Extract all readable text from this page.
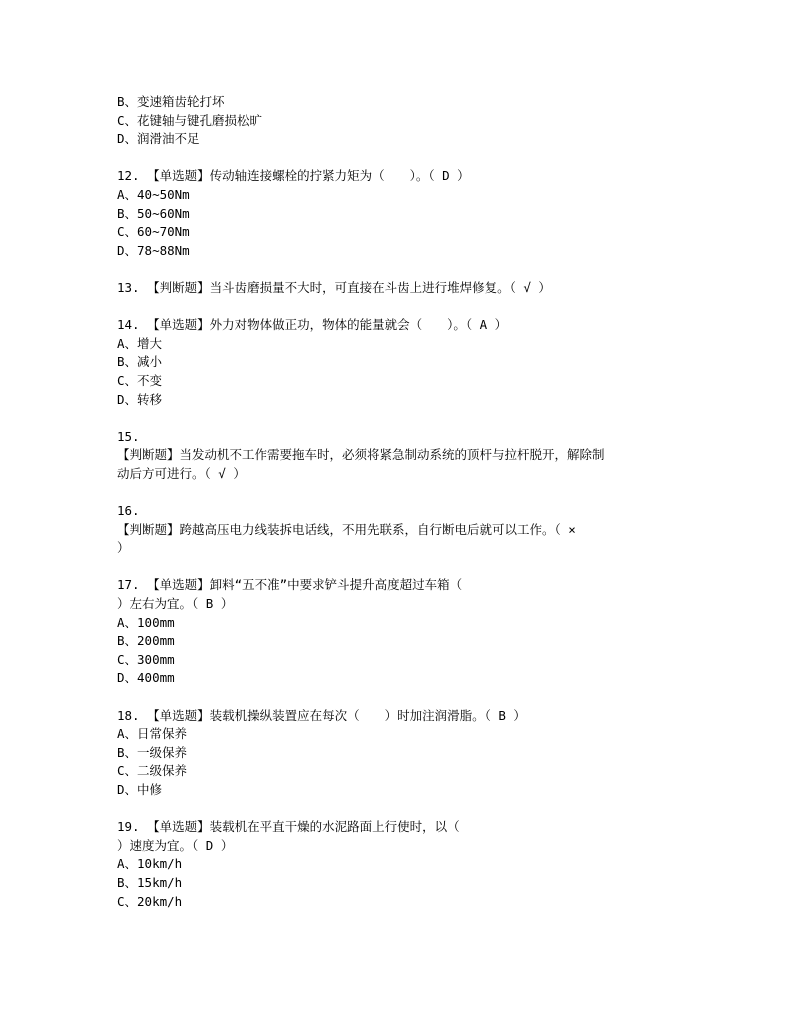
B、变速箱齿轮打坏
C、花键轴与键孔磨损松旷
D、润滑油不足
12. 【单选题】传动轴连接螺栓的拧紧力矩为（　　）。（ D ）
A、40~50Nm
B、50~60Nm
C、60~70Nm
D、78~88Nm
13. 【判断题】当斗齿磨损量不大时，可直接在斗齿上进行堆焊修复。（ √ ）
14. 【单选题】外力对物体做正功，物体的能量就会（　　）。（ A ）
A、增大
B、减小
C、不变
D、转移
15.
【判断题】当发动机不工作需要拖车时，必须将紧急制动系统的顶杆与拉杆脱开，解除制
动后方可进行。（ √ ）
16.
【判断题】跨越高压电力线装拆电话线，不用先联系，自行断电后就可以工作。（ ×
）
17. 【单选题】卸料“五不准”中要求铲斗提升高度超过车箱（
）左右为宜。（ B ）
A、100mm
B、200mm
C、300mm
D、400mm
18. 【单选题】装载机操纵装置应在每次（　　）时加注润滑脂。（ B ）
A、日常保养
B、一级保养
C、二级保养
D、中修
19. 【单选题】装载机在平直干燥的水泥路面上行使时，以（
）速度为宜。（ D ）
A、10km/h
B、15km/h
C、20km/h
